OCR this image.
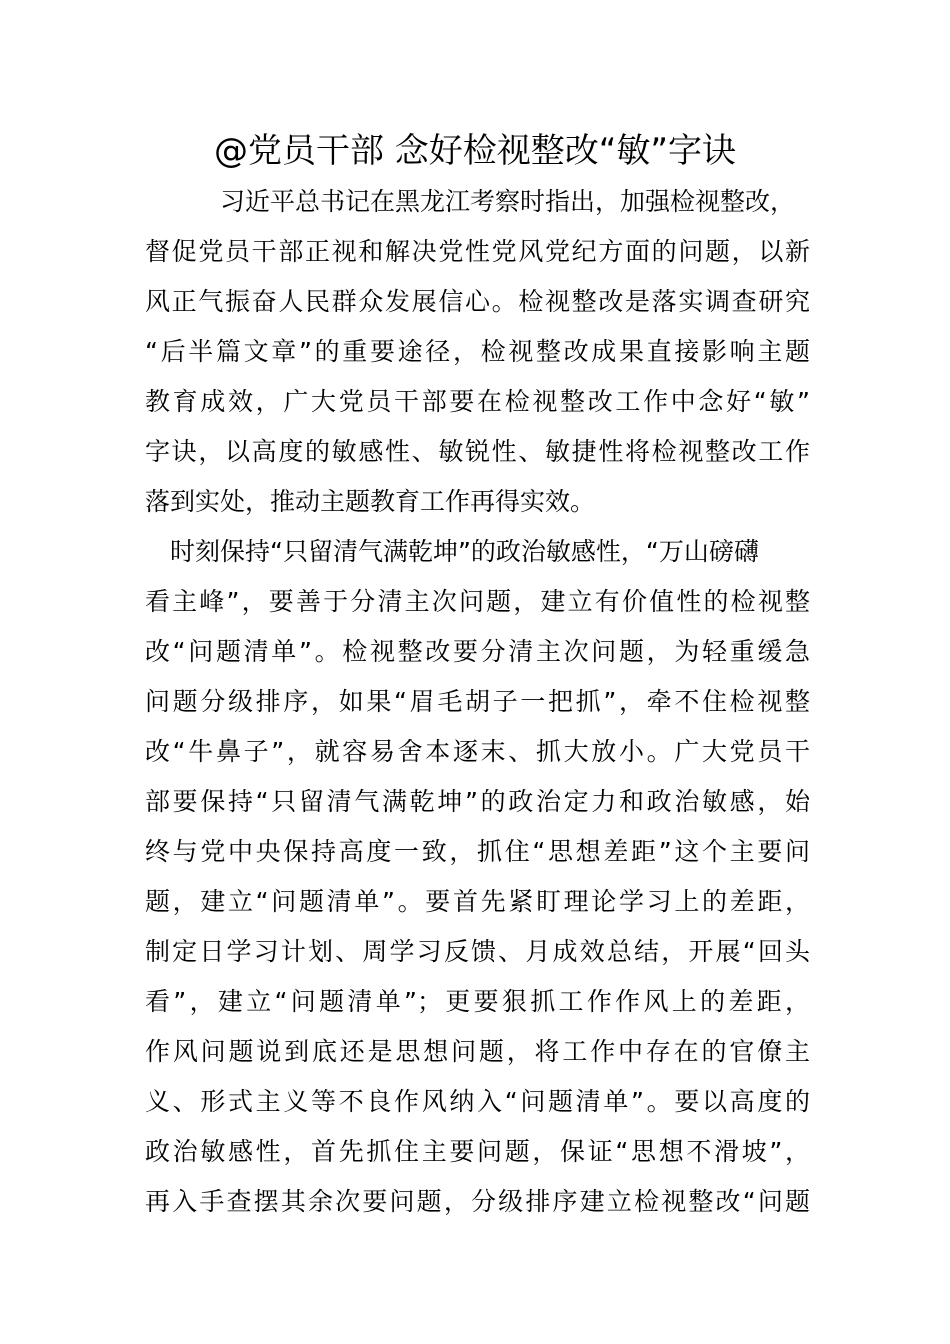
@党员干部 念好检视整改“敏”字诀
习近平总书记在黑龙江考察时指出，加强检视整改，
督促党员干部正视和解决党性党风党纪方面的问题，以新
风正气振奋人民群众发展信心。检视整改是落实调查研究
“后半篇文章”的重要途径，检视整改成果直接影响主题
教育成效，广大党员干部要在检视整改工作中念好“敏”
字诀，以高度的敏感性、敏锐性、敏捷性将检视整改工作
落到实处，推动主题教育工作再得实效。
时刻保持“只留清气满乾坤”的政治敏感性，“万山磅礴
看主峰”，要善于分清主次问题，建立有价值性的检视整
改“问题清单”。检视整改要分清主次问题，为轻重缓急
问题分级排序，如果“眉毛胡子一把抓”，牵不住检视整
改“牛鼻子”，就容易舍本逐末、抓大放小。广大党员干
部要保持“只留清气满乾坤”的政治定力和政治敏感，始
终与党中央保持高度一致，抓住“思想差距”这个主要问
题，建立“问题清单”。要首先紧盯理论学习上的差距，
制定日学习计划、周学习反馈、月成效总结，开展“回头
看”，建立“问题清单”；更要狠抓工作作风上的差距，
作风问题说到底还是思想问题，将工作中存在的官僚主
义、形式主义等不良作风纳入“问题清单”。要以高度的
政治敏感性，首先抓住主要问题，保证“思想不滑坡”，
再入手查摆其余次要问题，分级排序建立检视整改“问题
